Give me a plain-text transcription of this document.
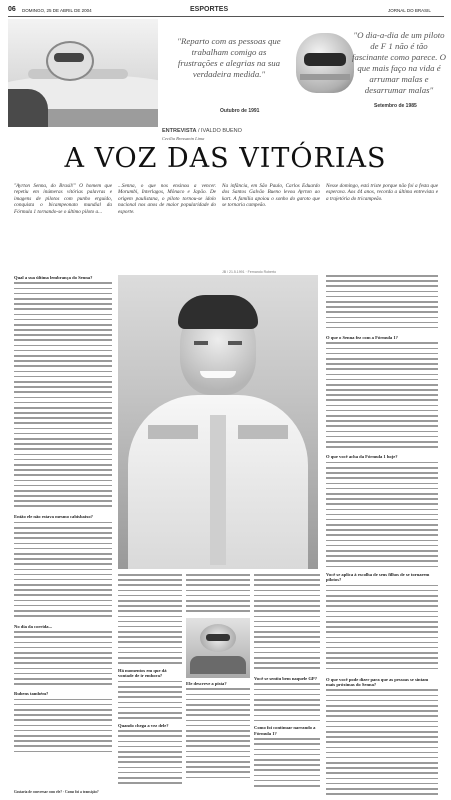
06 DOMINGO, 25 DE ABRIL DE 2004	ESPORTES	JORNAL DO BRASIL
"Reparto com as pessoas que trabalham comigo as frustrações e alegrias na sua verdadeira medida."
Outubro de 1991
"O dia-a-dia de um piloto de F 1 não é tão fascinante como parece. O que mais faço na vida é arrumar malas e desarrumar malas"
Setembro de 1985
ENTREVISTA / IVALDO BUENO
Cecília Bressanin Lima
A VOZ DAS VITÓRIAS
"Ayrton Senna, do Brasil!" O homem que repetiu em inúmeras vitórias palavras e imagens de pilotos com punho erguido, conquista o bicampeonato mundial da Fórmula 1 tornando-se o último piloto a...
...Senna, o que nos ensinou a vencer. Morumbi, Interlagos, Mônaco e Japão. De origem paulistana, o piloto tornou-se ídolo nacional nos anos de maior popularidade do esporte.
Na infância, em São Paulo, Carlos Eduardo dos Santos Galvão Bueno levou Ayrton ao kart. A família apoiou o sonho do garoto que se tornaria campeão.
Nesse domingo, está triste porque não foi a festa que esperava. Aos 44 anos, recorda a última entrevista e a trajetória do tricampeão.
JB / 21.5.1991 · Fernando Roberto
Qual a sua última lembrança do Senna?
Então ele não estava mesmo cabisbaixo?
No dia da corrida...
Rubens também?
O que o Senna fez com a Fórmula 1?
O que você acha da Fórmula 1 hoje?
Você se aplica à escolha de seus filhos de se tornarem pilotos?
O que você pode dizer para que as pessoas se sintam mais próximas do Senna?
Há momentos em que dá vontade de ir embora?
Quando chega a vez dele?
Ele descreve a pista?
Você se sentiu bem naquele GP?
Como foi continuar narrando a Fórmula 1?
Gostaria de conversar com ele? · Como foi a transição?
